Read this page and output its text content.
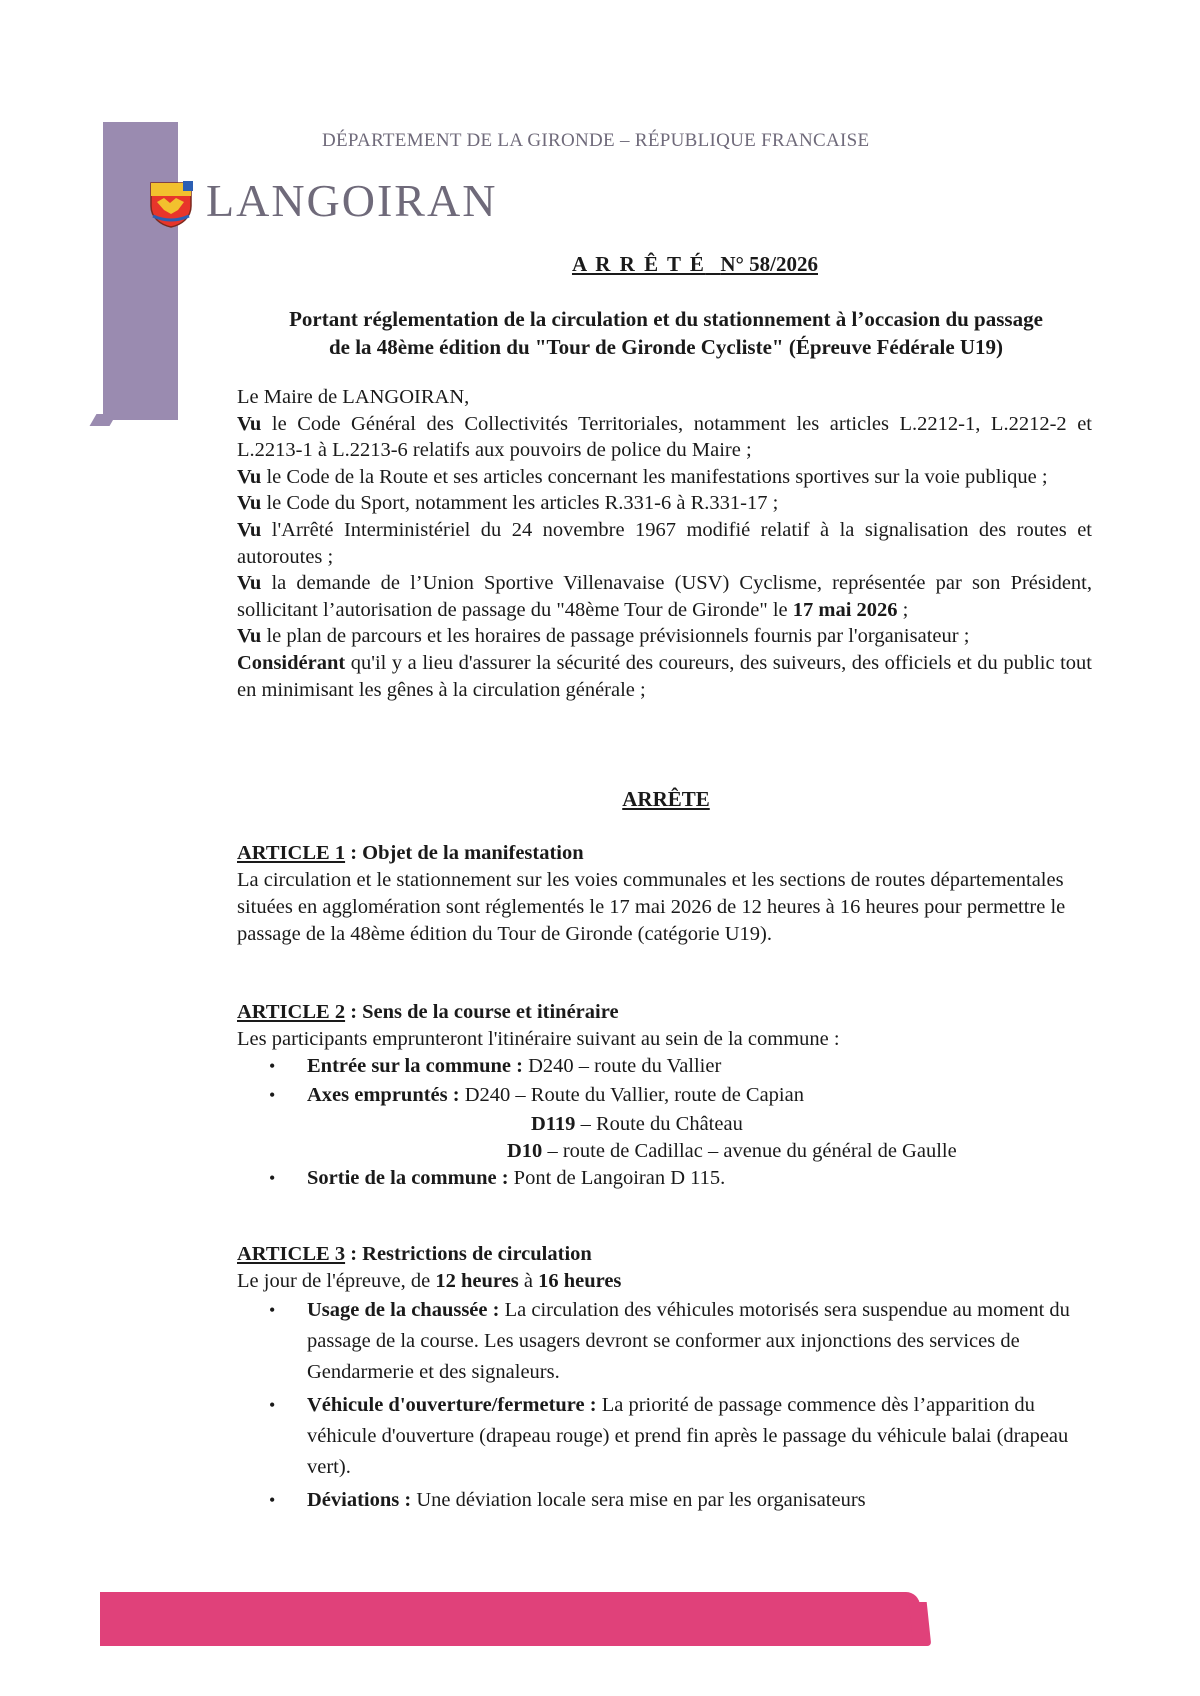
DÉPARTEMENT DE LA GIRONDE – RÉPUBLIQUE FRANCAISE
LANGOIRAN
A R R Ê T É N° 58/2026
Portant réglementation de la circulation et du stationnement à l’occasion du passage
de la 48ème édition du "Tour de Gironde Cycliste" (Épreuve Fédérale U19)

Le Maire de LANGOIRAN,

Vu le Code Général des Collectivités Territoriales, notamment les articles L.2212-1, L.2212-2 et L.2213-1 à L.2213-6 relatifs aux pouvoirs de police du Maire ;

Vu le Code de la Route et ses articles concernant les manifestations sportives sur la voie publique ;

Vu le Code du Sport, notamment les articles R.331-6 à R.331-17 ;

Vu l'Arrêté Interministériel du 24 novembre 1967 modifié relatif à la signalisation des routes et autoroutes ;

Vu la demande de l’Union Sportive Villenavaise (USV) Cyclisme, représentée par son Président, sollicitant l’autorisation de passage du "48ème Tour de Gironde" le 17 mai 2026 ;

Vu le plan de parcours et les horaires de passage prévisionnels fournis par l'organisateur ;

Considérant qu'il y a lieu d'assurer la sécurité des coureurs, des suiveurs, des officiels et du public tout en minimisant les gênes à la circulation générale ;

ARRÊTE
ARTICLE 1 : Objet de la manifestation
La circulation et le stationnement sur les voies communales et les sections de routes départementales situées en agglomération sont réglementés le 17 mai 2026 de 12 heures à 16 heures pour permettre le passage de la 48ème édition du Tour de Gironde (catégorie U19).
ARTICLE 2 : Sens de la course et itinéraire
Les participants emprunteront l'itinéraire suivant au sein de la commune :
• Entrée sur la commune : D240 – route du Vallier
• Axes empruntés : D240 – Route du Vallier, route de Capian
D119 – Route du Château
D10 – route de Cadillac – avenue du général de Gaulle
• Sortie de la commune : Pont de Langoiran D 115.
ARTICLE 3 : Restrictions de circulation
Le jour de l'épreuve, de 12 heures à 16 heures
• Usage de la chaussée : La circulation des véhicules motorisés sera suspendue au moment du passage de la course. Les usagers devront se conformer aux injonctions des services de Gendarmerie et des signaleurs.
• Véhicule d'ouverture/fermeture : La priorité de passage commence dès l’apparition du véhicule d'ouverture (drapeau rouge) et prend fin après le passage du véhicule balai (drapeau vert).
• Déviations : Une déviation locale sera mise en par les organisateurs
